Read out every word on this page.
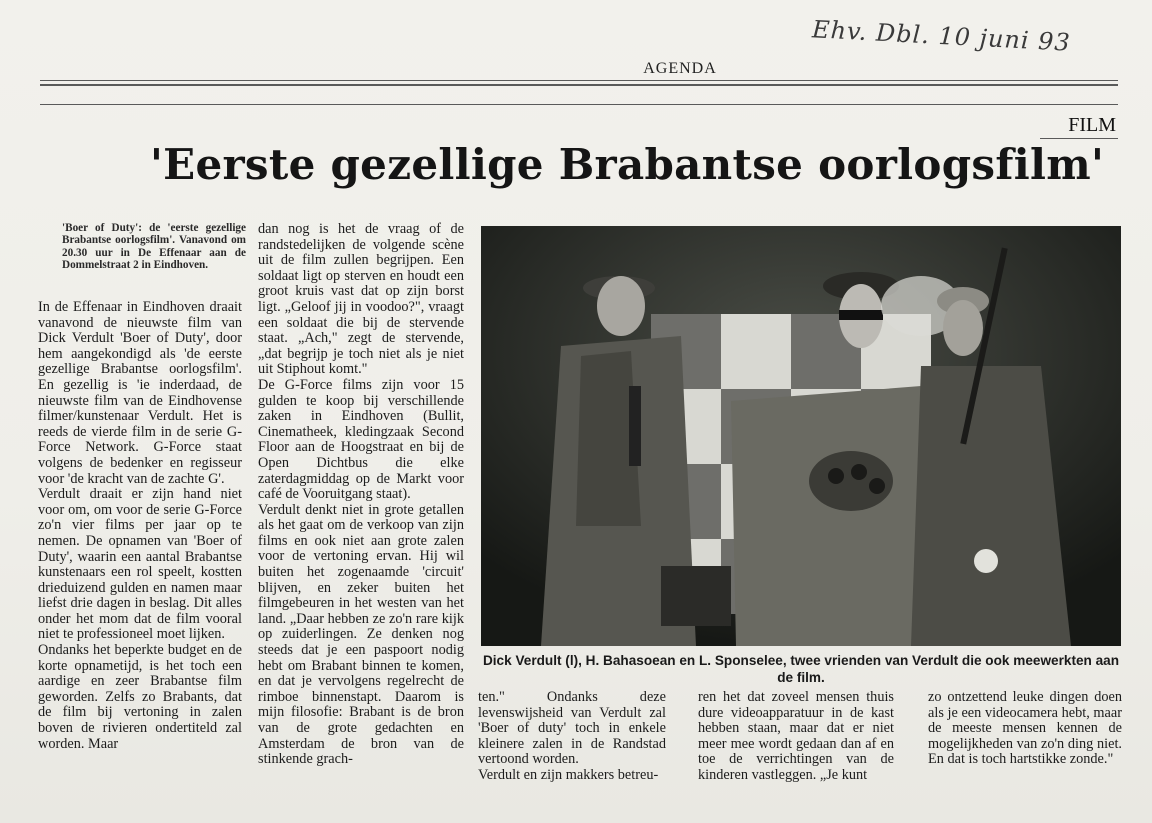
Ehv. Dbl. 10 juni 93
AGENDA
FILM
'Eerste gezellige Brabantse oorlogsfilm'
'Boer of Duty': de 'eerste gezellige Brabantse oorlogsfilm'. Vanavond om 20.30 uur in De Effenaar aan de Dommelstraat 2 in Eindhoven.

In de Effenaar in Eindhoven draait vanavond de nieuwste film van Dick Verdult 'Boer of Duty', door hem aangekondigd als 'de eerste gezellige Brabantse oorlogsfilm'. En gezellig is 'ie inderdaad, de nieuwste film van de Eindhovense filmer/kunstenaar Verdult. Het is reeds de vierde film in de serie G-Force Network. G-Force staat volgens de bedenker en regisseur voor 'de kracht van de zachte G'.

Verdult draait er zijn hand niet voor om, om voor de serie G-Force zo'n vier films per jaar op te nemen. De opnamen van 'Boer of Duty', waarin een aantal Brabantse kunstenaars een rol speelt, kostten drieduizend gulden en namen maar liefst drie dagen in beslag. Dit alles onder het mom dat de film vooral niet te professioneel moet lijken.

Ondanks het beperkte budget en de korte opnametijd, is het toch een aardige en zeer Brabantse film geworden. Zelfs zo Brabants, dat de film bij vertoning in zalen boven de rivieren ondertiteld zal worden. Maar

dan nog is het de vraag of de randstedelijken de volgende scène uit de film zullen begrijpen. Een soldaat ligt op sterven en houdt een groot kruis vast dat op zijn borst ligt. „Geloof jij in voodoo?", vraagt een soldaat die bij de stervende staat. „Ach," zegt de stervende, „dat begrijp je toch niet als je niet uit Stiphout komt."

De G-Force films zijn voor 15 gulden te koop bij verschillende zaken in Eindhoven (Bullit, Cinematheek, kledingzaak Second Floor aan de Hoogstraat en bij de Open Dichtbus die elke zaterdagmiddag op de Markt voor café de Vooruitgang staat).

Verdult denkt niet in grote getallen als het gaat om de verkoop van zijn films en ook niet aan grote zalen voor de vertoning ervan. Hij wil buiten het zogenaamde 'circuit' blijven, en zeker buiten het filmgebeuren in het westen van het land. „Daar hebben ze zo'n rare kijk op zuiderlingen. Ze denken nog steeds dat je een paspoort nodig hebt om Brabant binnen te komen, en dat je vervolgens regelrecht de rimboe binnenstapt. Daarom is mijn filosofie: Brabant is de bron van de grote gedachten en Amsterdam de bron van de stinkende grach-

Dick Verdult (l), H. Bahasoean en L. Sponselee, twee vrienden van Verdult die ook meewerkten aan de film.

ten." Ondanks deze levenswijsheid van Verdult zal 'Boer of duty' toch in enkele kleinere zalen in de Randstad vertoond worden.

Verdult en zijn makkers betreu-

ren het dat zoveel mensen thuis dure videoapparatuur in de kast hebben staan, maar dat er niet meer mee wordt gedaan dan af en toe de verrichtingen van de kinderen vastleggen. „Je kunt

zo ontzettend leuke dingen doen als je een videocamera hebt, maar de meeste mensen kennen de mogelijkheden van zo'n ding niet. En dat is toch hartstikke zonde."
